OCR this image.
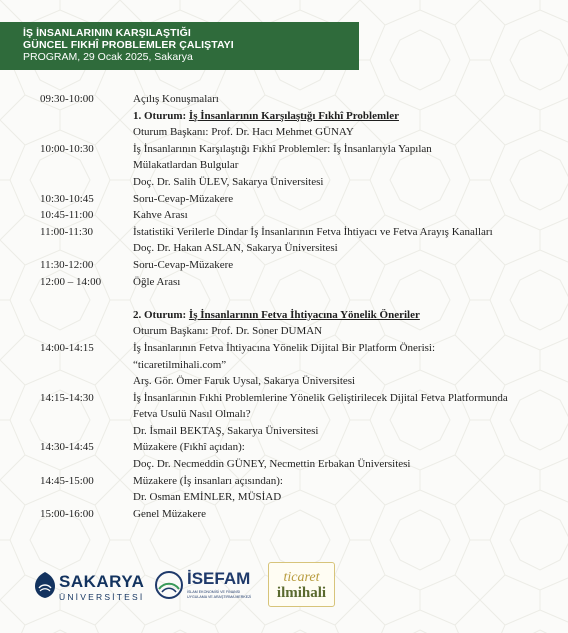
İŞ İNSANLARININ KARŞILAŞTIĞI
GÜNCEL FIKHÎ PROBLEMLER ÇALIŞTAYI
PROGRAM, 29 Ocak 2025, Sakarya
09:30-10:00	Açılış Konuşmaları
1. Oturum: İş İnsanlarının Karşılaştığı Fıkhî Problemler
Oturum Başkanı: Prof. Dr. Hacı Mehmet GÜNAY
10:00-10:30	İş İnsanlarının Karşılaştığı Fıkhî Problemler: İş İnsanlarıyla Yapılan
Mülakatlardan Bulgular
Doç. Dr. Salih ÜLEV, Sakarya Üniversitesi
10:30-10:45	Soru-Cevap-Müzakere
10:45-11:00	Kahve Arası
11:00-11:30	İstatistiki Verilerle Dindar İş İnsanlarının Fetva İhtiyacı ve Fetva Arayış Kanalları
Doç. Dr. Hakan ASLAN, Sakarya Üniversitesi
11:30-12:00	Soru-Cevap-Müzakere
12:00 – 14:00	Öğle Arası
2. Oturum: İş İnsanlarının Fetva İhtiyacına Yönelik Öneriler
Oturum Başkanı: Prof. Dr. Soner DUMAN
14:00-14:15	İş İnsanlarının Fetva İhtiyacına Yönelik Dijital Bir Platform Önerisi:
“ticaretilmihali.com”
Arş. Gör. Ömer Faruk Uysal, Sakarya Üniversitesi
14:15-14:30	İş İnsanlarının Fıkhi Problemlerine Yönelik Geliştirilecek Dijital Fetva Platformunda
Fetva Usulü Nasıl Olmalı?
Dr. İsmail BEKTAŞ, Sakarya Üniversitesi
14:30-14:45	Müzakere (Fıkhî açıdan):
Doç. Dr. Necmeddin GÜNEY, Necmettin Erbakan Üniversitesi
14:45-15:00	Müzakere (İş insanları açısından):
Dr. Osman EMİNLER, MÜSİAD
15:00-16:00	Genel Müzakere
SAKARYA
ÜNİVERSİTESİ
İSEFAM
İSLAM EKONOMİSİ VE FİNANSI
UYGULAMA VE ARAŞTIRMA MERKEZİ
ticaret
ilmihali
